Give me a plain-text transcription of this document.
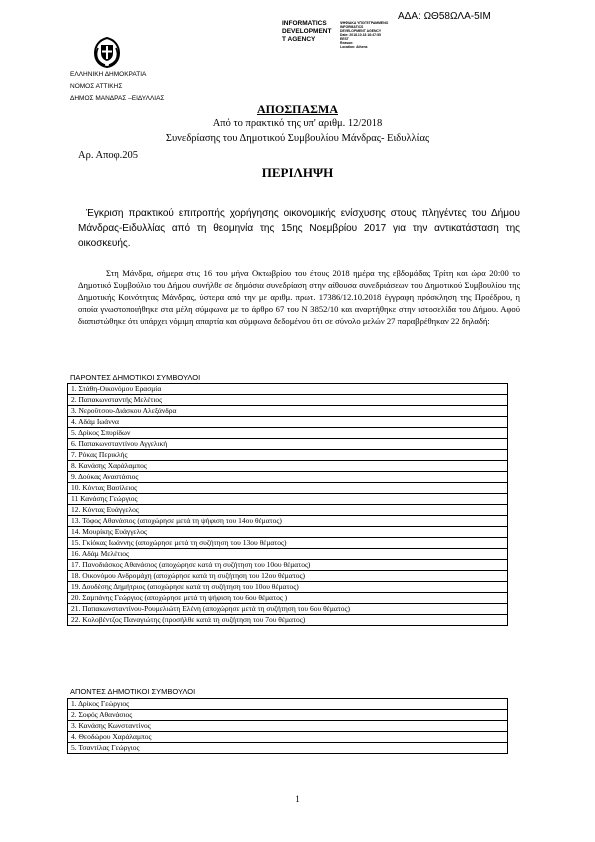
ΑΔΑ: ΩΘ58ΩΛΑ-5ΙΜ
INFORMATICS
DEVELOPMENT
T AGENCY
ΨΗΦΙΑΚΑ ΥΠΟΓΕΓΡΑΜΜΕΝΟ
INFORMATICS
DEVELOPMENT AGENCY
Date: 2018.10.18 16:47:55
EEST
Reason:
Location: Athens
ΕΛΛΗΝΙΚΗ ΔΗΜΟΚΡΑΤΙΑ
ΝΟΜΟΣ ΑΤΤΙΚΗΣ
ΔΗΜΟΣ ΜΑΝΔΡΑΣ –ΕΙΔΥΛΛΙΑΣ
ΑΠΟΣΠΑΣΜΑ
Από το πρακτικό της υπ' αριθμ. 12/2018
Συνεδρίασης του Δημοτικού Συμβουλίου Μάνδρας- Ειδυλλίας
Αρ. Αποφ.205
ΠΕΡΙΛΗΨΗ
Έγκριση πρακτικού επιτροπής χορήγησης οικονομικής ενίσχυσης στους πληγέντες του Δήμου Μάνδρας-Ειδυλλίας από τη θεομηνία της 15ης Νοεμβρίου 2017 για την αντικατάσταση της οικοσκευής.
Στη Μάνδρα, σήμερα στις 16 του μήνα Οκτωβρίου του έτους 2018 ημέρα της εβδομάδας Τρίτη και ώρα 20:00 το Δημοτικό Συμβούλιο του Δήμου συνήλθε σε δημόσια συνεδρίαση στην αίθουσα συνεδριάσεων του Δημοτικού Συμβουλίου της Δημοτικής Κοινότητας Μάνδρας, ύστερα από την με αριθμ. πρωτ. 17386/12.10.2018 έγγραφη πρόσκληση της Προέδρου, η οποία γνωστοποιήθηκε στα μέλη σύμφωνα με το άρθρο 67 του Ν 3852/10 και αναρτήθηκε στην ιστοσελίδα του Δήμου. Αφού διαπιστώθηκε ότι υπάρχει νόμιμη απαρτία και σύμφωνα δεδομένου ότι σε σύνολο μελών 27 παραβρέθηκαν 22 δηλαδή:
ΠΑΡΟΝΤΕΣ ΔΗΜΟΤΙΚΟΙ ΣΥΜΒΟΥΛΟΙ
1. Στάθη-Οικονόμου Ερασμία
2. Παπακωνσταντής Μελέτιος
3. Νεροΰτσου-Διάσκου Αλεξάνδρα
4. Αδάμ Ιωάννα
5. Δρίκος Σπυρίδων
6. Παπακωνσταντίνου Αγγελική
7. Ρόκας Περικλής
8. Κανάσης Χαράλαμπος
9. Δούκας Αναστάσιος
10. Κόντας Βασίλειος
11 Κανάσης Γεώργιος
12. Κόντας Ευάγγελος
13. Τόφος Αθανάσιος (αποχώρησε μετά τη ψήφιση του 14ου θέματος)
14. Μουρίκης Ευάγγελος
15. Γκίόκας Ιωάννης (αποχώρησε μετά τη συζήτηση του 13ου θέματος)
16. Αδάμ Μελέτιος
17. Πανοδιάσκος Αθανάσιος (αποχώρησε κατά τη συζήτηση του 10ου θέματος)
18. Οικονόμου Ανδρομάχη (αποχώρησε κατά τη συζήτηση του 12ου θέματος)
19. Δουδέσης Δημήτριος (αποχώρησε κατά τη συζήτηση του 10ου θέματος)
20. Σαμπάνης Γεώργιος (αποχώρησε μετά τη ψήφιση του 6ου θέματος )
21. Παπακωνσταντίνου-Ρουμελιώτη Ελένη (αποχώρησε μετά τη συζήτηση του 6ου θέματος)
22. Κολοβέντζος Παναγιώτης (προσήλθε κατά τη συζήτηση του 7ου θέματος)
ΑΠΟΝΤΕΣ ΔΗΜΟΤΙΚΟΙ ΣΥΜΒΟΥΛΟΙ
1. Δρίκος Γεώργιος
2. Σοφός Αθανάσιος
3. Κανάσης Κωνσταντίνος
4. Θεοδώρου Χαράλαμπος
5. Τσαντίλας Γεώργιος
1
